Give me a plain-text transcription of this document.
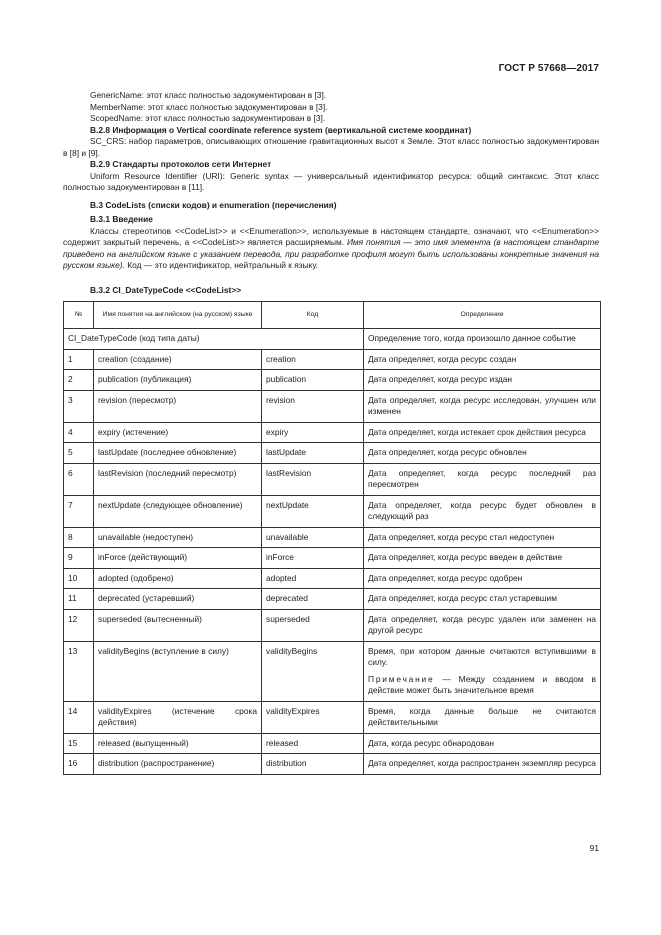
ГОСТ Р 57668—2017

GenericName: этот класс полностью задокументирован в [3].

MemberName: этот класс полностью задокументирован в [3].

ScopedName: этот класс полностью задокументирован в [3].

B.2.8 Информация о Vertical coordinate reference system (вертикальной системе координат)

SC_CRS: набор параметров, описывающих отношение гравитационных высот к Земле. Этот класс полностью задокументирован в [8] и [9].

B.2.9 Стандарты протоколов сети Интернет

Uniform Resource Identifier (URI): Generic syntax — универсальный идентификатор ресурса: общий синтаксис. Этот класс полностью задокументирован в [11].

B.3 CodeLists (списки кодов) и enumeration (перечисления)

B.3.1 Введение

Классы стереотипов <<CodeList>> и <<Enumeration>>, используемые в настоящем стандарте, означают, что <<Enumeration>> содержит закрытый перечень, а <<CodeList>> является расширяемым. Имя понятия — это имя элемента (в настоящем стандарте приведено на английском языке с указанием перевода, при разработке профиля могут быть использованы конкретные значения на русском языке). Код — это идентификатор, нейтральный к языку.

B.3.2 CI_DateTypeCode <<CodeList>>

№	Имя понятия на английском (на русском) языке	Код	Определение
CI_DateTypeCode (код типа даты)			Определение того, когда произошло данное событие
1	creation (создание)	creation	Дата определяет, когда ресурс создан
2	publication (публикация)	publication	Дата определяет, когда ресурс издан
3	revision (пересмотр)	revision	Дата определяет, когда ресурс исследован, улучшен или изменен
4	expiry (истечение)	expiry	Дата определяет, когда истекает срок действия ресурса
5	lastUpdate (последнее обновление)	lastUpdate	Дата определяет, когда ресурс обновлен
6	lastRevision (последний пересмотр)	lastRevision	Дата определяет, когда ресурс последний раз пересмотрен
7	nextUpdate (следующее обновление)	nextUpdate	Дата определяет, когда ресурс будет обновлен в следующий раз
8	unavailable (недоступен)	unavailable	Дата определяет, когда ресурс стал недоступен
9	inForce (действующий)	inForce	Дата определяет, когда ресурс введен в действие
10	adopted (одобрено)	adopted	Дата определяет, когда ресурс одобрен
11	deprecated (устаревший)	deprecated	Дата определяет, когда ресурс стал устаревшим
12	superseded (вытесненный)	superseded	Дата определяет, когда ресурс удален или заменен на другой ресурс
13	validityBegins (вступление в силу)	validityBegins	Время, при котором данные считаются вступившими в силу.
Примечание — Между созданием и вводом в действие может быть значительное время

14	validityExpires (истечение срока действия)	validityExpires	Время, когда данные больше не считаются действительными
15	released (выпущенный)	released	Дата, когда ресурс обнародован
16	distribution (распространение)	distribution	Дата определяет, когда распространен экземпляр ресурса
91
